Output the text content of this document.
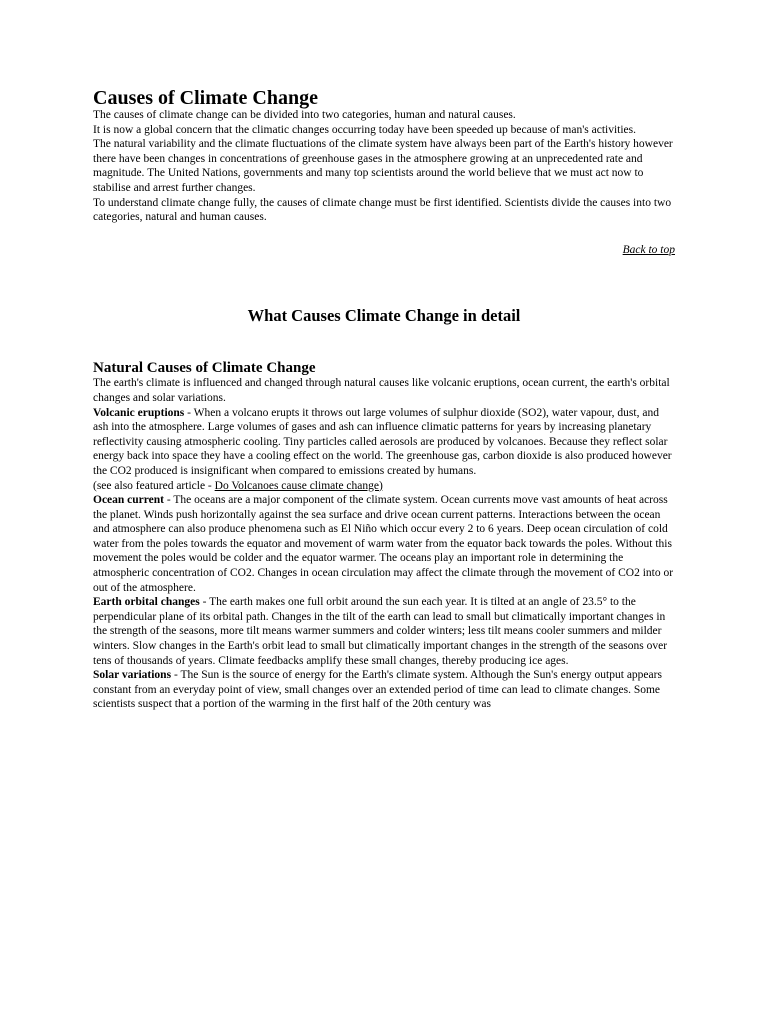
Causes of Climate Change

The causes of climate change can be divided into two categories, human and natural causes.

It is now a global concern that the climatic changes occurring today have been speeded up because of man's activities.

The natural variability and the climate fluctuations of the climate system have always been part of the Earth's history however there have been changes in concentrations of greenhouse gases in the atmosphere growing at an unprecedented rate and magnitude. The United Nations, governments and many top scientists around the world believe that we must act now to stabilise and arrest further changes.

To understand climate change fully, the causes of climate change must be first identified. Scientists divide the causes into two categories, natural and human causes.

Back to top
What Causes Climate Change in detail
Natural Causes of Climate Change

The earth's climate is influenced and changed through natural causes like volcanic eruptions, ocean current, the earth's orbital changes and solar variations.

Volcanic eruptions - When a volcano erupts it throws out large volumes of sulphur dioxide (SO2), water vapour, dust, and ash into the atmosphere. Large volumes of gases and ash can influence climatic patterns for years by increasing planetary reflectivity causing atmospheric cooling. Tiny particles called aerosols are produced by volcanoes. Because they reflect solar energy back into space they have a cooling effect on the world. The greenhouse gas, carbon dioxide is also produced however the CO2 produced is insignificant when compared to emissions created by humans.

(see also featured article - Do Volcanoes cause climate change)

Ocean current - The oceans are a major component of the climate system. Ocean currents move vast amounts of heat across the planet. Winds push horizontally against the sea surface and drive ocean current patterns. Interactions between the ocean and atmosphere can also produce phenomena such as El Niño which occur every 2 to 6 years. Deep ocean circulation of cold water from the poles towards the equator and movement of warm water from the equator back towards the poles. Without this movement the poles would be colder and the equator warmer. The oceans play an important role in determining the atmospheric concentration of CO2. Changes in ocean circulation may affect the climate through the movement of CO2 into or out of the atmosphere.

Earth orbital changes - The earth makes one full orbit around the sun each year. It is tilted at an angle of 23.5° to the perpendicular plane of its orbital path. Changes in the tilt of the earth can lead to small but climatically important changes in the strength of the seasons, more tilt means warmer summers and colder winters; less tilt means cooler summers and milder winters. Slow changes in the Earth's orbit lead to small but climatically important changes in the strength of the seasons over tens of thousands of years. Climate feedbacks amplify these small changes, thereby producing ice ages.

Solar variations - The Sun is the source of energy for the Earth's climate system. Although the Sun's energy output appears constant from an everyday point of view, small changes over an extended period of time can lead to climate changes. Some scientists suspect that a portion of the warming in the first half of the 20th century was
